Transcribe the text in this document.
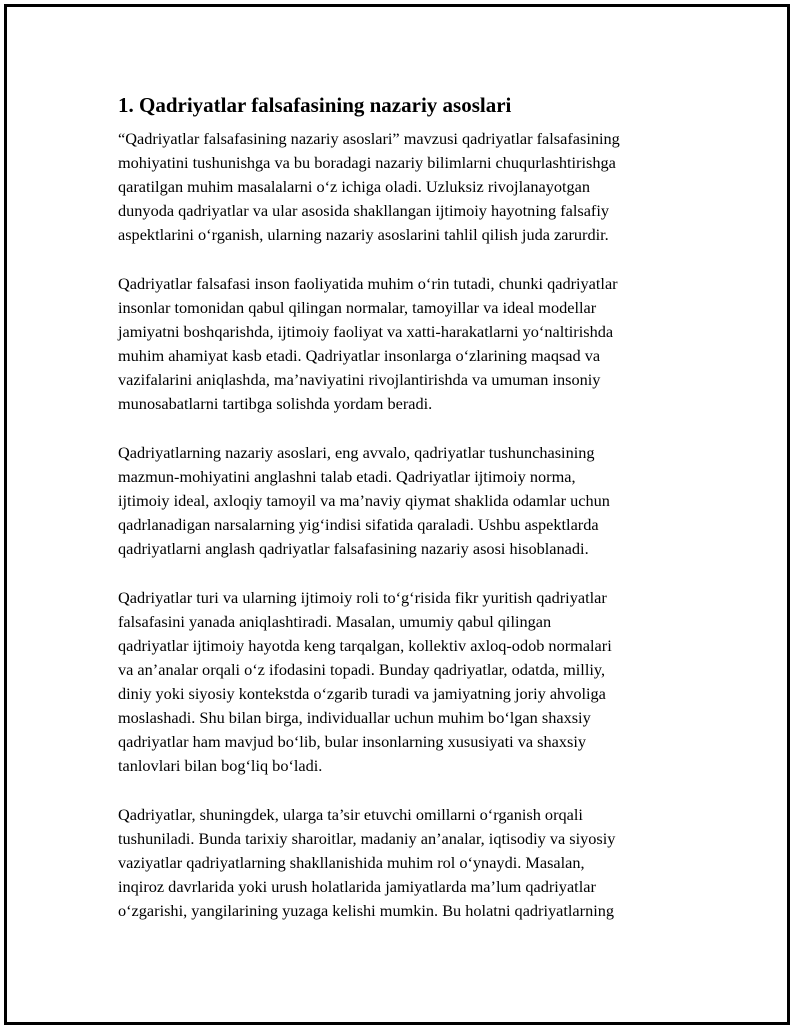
1. Qadriyatlar falsafasining nazariy asoslari
“Qadriyatlar falsafasining nazariy asoslari” mavzusi qadriyatlar falsafasining
mohiyatini tushunishga va bu boradagi nazariy bilimlarni chuqurlashtirishga
qaratilgan muhim masalalarni o‘z ichiga oladi. Uzluksiz rivojlanayotgan
dunyoda qadriyatlar va ular asosida shakllangan ijtimoiy hayotning falsafiy
aspektlarini o‘rganish, ularning nazariy asoslarini tahlil qilish juda zarurdir.
Qadriyatlar falsafasi inson faoliyatida muhim o‘rin tutadi, chunki qadriyatlar
insonlar tomonidan qabul qilingan normalar, tamoyillar va ideal modellar
jamiyatni boshqarishda, ijtimoiy faoliyat va xatti-harakatlarni yo‘naltirishda
muhim ahamiyat kasb etadi. Qadriyatlar insonlarga o‘zlarining maqsad va
vazifalarini aniqlashda, ma’naviyatini rivojlantirishda va umuman insoniy
munosabatlarni tartibga solishda yordam beradi.
Qadriyatlarning nazariy asoslari, eng avvalo, qadriyatlar tushunchasining
mazmun-mohiyatini anglashni talab etadi. Qadriyatlar ijtimoiy norma,
ijtimoiy ideal, axloqiy tamoyil va ma’naviy qiymat shaklida odamlar uchun
qadrlanadigan narsalarning yig‘indisi sifatida qaraladi. Ushbu aspektlarda
qadriyatlarni anglash qadriyatlar falsafasining nazariy asosi hisoblanadi.
Qadriyatlar turi va ularning ijtimoiy roli to‘g‘risida fikr yuritish qadriyatlar
falsafasini yanada aniqlashtiradi. Masalan, umumiy qabul qilingan
qadriyatlar ijtimoiy hayotda keng tarqalgan, kollektiv axloq-odob normalari
va an’analar orqali o‘z ifodasini topadi. Bunday qadriyatlar, odatda, milliy,
diniy yoki siyosiy kontekstda o‘zgarib turadi va jamiyatning joriy ahvoliga
moslashadi. Shu bilan birga, individuallar uchun muhim bo‘lgan shaxsiy
qadriyatlar ham mavjud bo‘lib, bular insonlarning xususiyati va shaxsiy
tanlovlari bilan bog‘liq bo‘ladi.
Qadriyatlar, shuningdek, ularga ta’sir etuvchi omillarni o‘rganish orqali
tushuniladi. Bunda tarixiy sharoitlar, madaniy an’analar, iqtisodiy va siyosiy
vaziyatlar qadriyatlarning shakllanishida muhim rol o‘ynaydi. Masalan,
inqiroz davrlarida yoki urush holatlarida jamiyatlarda ma’lum qadriyatlar
o‘zgarishi, yangilarining yuzaga kelishi mumkin. Bu holatni qadriyatlarning
